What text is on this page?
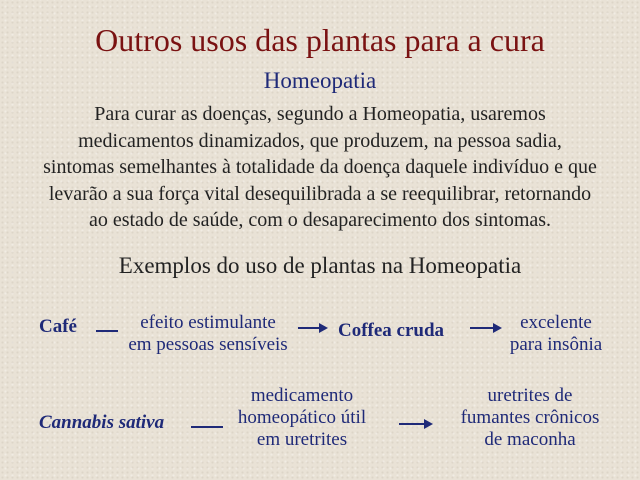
Outros usos das plantas para a cura
Homeopatia
Para curar as doenças, segundo a Homeopatia, usaremos
medicamentos dinamizados, que produzem, na pessoa sadia,
sintomas semelhantes à totalidade da doença daquele indivíduo e que
levarão a sua força vital desequilibrada a se reequilibrar, retornando
ao estado de saúde, com o desaparecimento dos sintomas.
Exemplos do uso de plantas na Homeopatia
Café	efeito estimulante
em pessoas sensíveis
Coffea cruda	excelente
para insônia
Cannabis sativa
medicamento
homeopático útil
em uretrites
uretrites de
fumantes crônicos
de maconha
